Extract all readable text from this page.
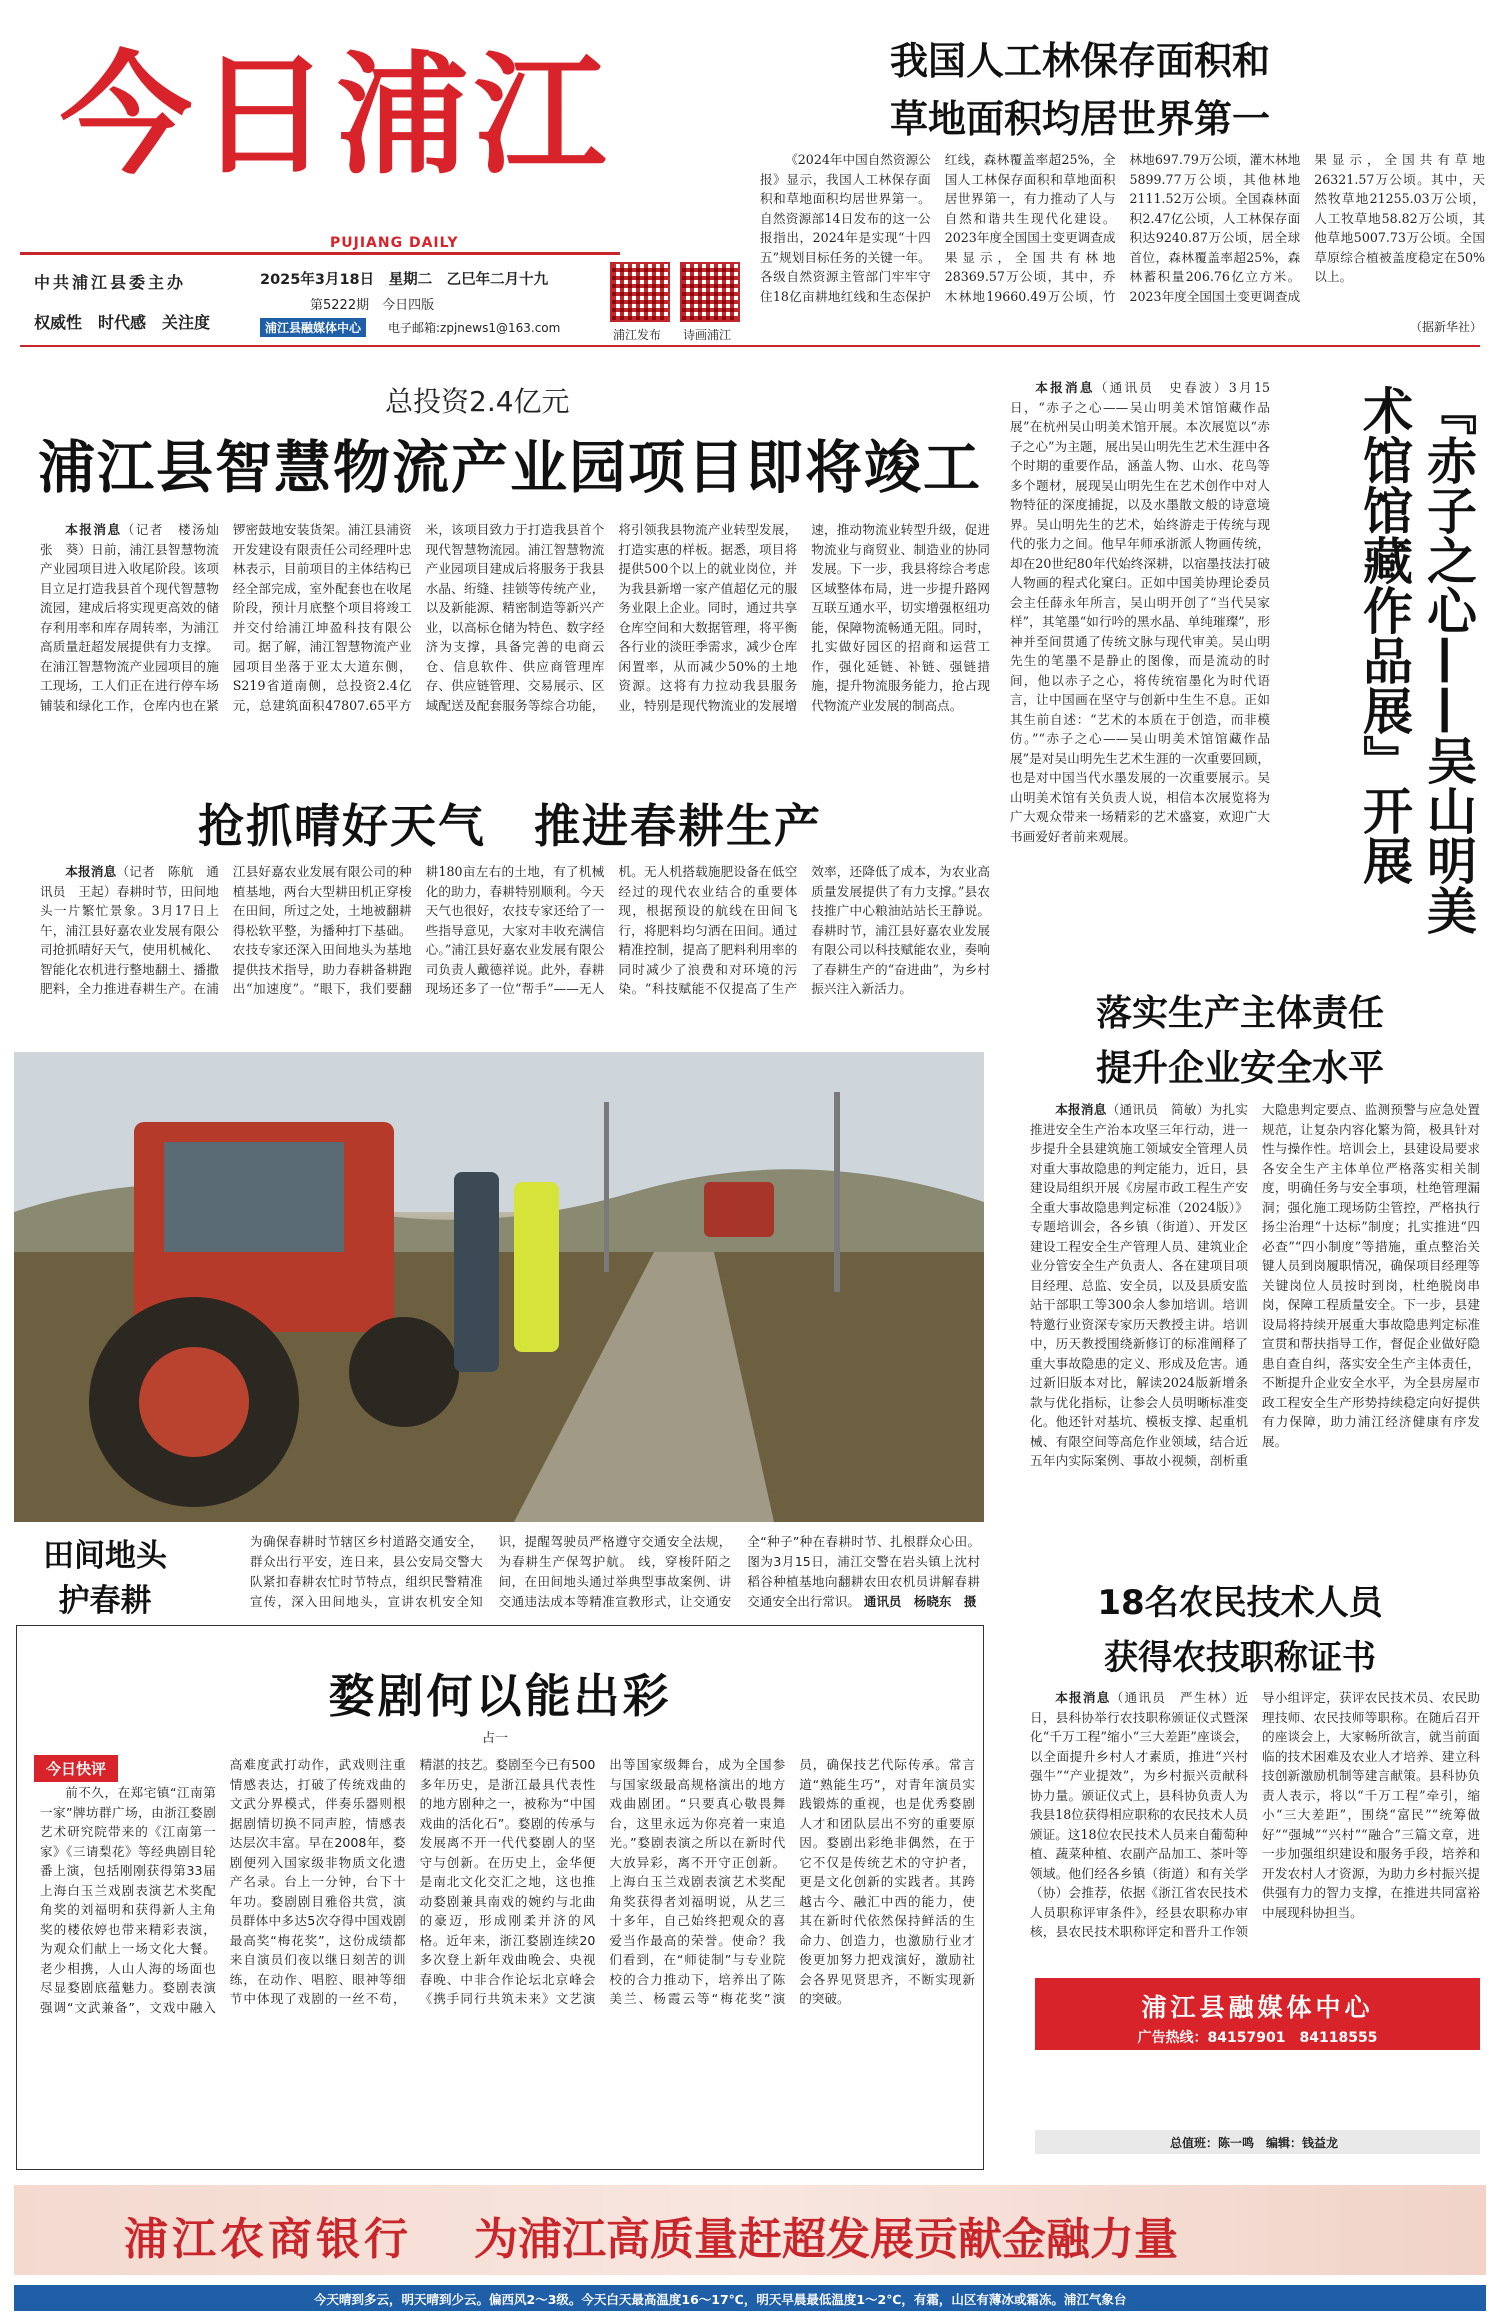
今日浦江
PUJIANG DAILY
中共浦江县委主办
权威性　时代感　关注度
2025年3月18日　星期二　乙巳年二月十九
第5222期　今日四版
浦江县融媒体中心	电子邮箱:zpjnews1@163.com	浦江发布 诗画浦江
我国人工林保存面积和
草地面积均居世界第一

《2024年中国自然资源公报》显示，我国人工林保存面积和草地面积均居世界第一。自然资源部14日发布的这一公报指出，2024年是实现“十四五”规划目标任务的关键一年。各级自然资源主管部门牢牢守住18亿亩耕地红线和生态保护红线，森林覆盖率超25%，全国人工林保存面积和草地面积居世界第一，有力推动了人与自然和谐共生现代化建设。2023年度全国国土变更调查成果显示，全国共有林地28369.57万公顷，其中，乔木林地19660.49万公顷，竹林地697.79万公顷，灌木林地5899.77万公顷，其他林地2111.52万公顷。全国森林面积2.47亿公顷，人工林保存面积达9240.87万公顷，居全球首位，森林覆盖率超25%，森林蓄积量206.76亿立方米。2023年度全国国土变更调查成果显示，全国共有草地26321.57万公顷。其中，天然牧草地21255.03万公顷，人工牧草地58.82万公顷，其他草地5007.73万公顷。全国草原综合植被盖度稳定在50%以上。

（据新华社）
总投资2.4亿元
浦江县智慧物流产业园项目即将竣工

本报消息（记者　楼汤灿　张　葵）日前，浦江县智慧物流产业园项目进入收尾阶段。该项目立足打造我县首个现代智慧物流园，建成后将实现更高效的储存利用率和库存周转率，为浦江高质量赶超发展提供有力支撑。在浦江智慧物流产业园项目的施工现场，工人们正在进行停车场铺装和绿化工作，仓库内也在紧锣密鼓地安装货架。浦江县浦资开发建设有限责任公司经理叶忠林表示，目前项目的主体结构已经全部完成，室外配套也在收尾阶段，预计月底整个项目将竣工并交付给浦江坤盈科技有限公司。据了解，浦江智慧物流产业园项目坐落于亚太大道东侧，S219省道南侧，总投资2.4亿元，总建筑面积47807.65平方米，该项目致力于打造我县首个现代智慧物流园。浦江智慧物流产业园项目建成后将服务于我县水晶、绗缝、挂锁等传统产业，以及新能源、精密制造等新兴产业，以高标仓储为特色、数字经济为支撑，具备完善的电商云仓、信息软件、供应商管理库存、供应链管理、交易展示、区域配送及配套服务等综合功能，将引领我县物流产业转型发展，打造实惠的样板。据悉，项目将提供500个以上的就业岗位，并为我县新增一家产值超亿元的服务业限上企业。同时，通过共享仓库空间和大数据管理，将平衡各行业的淡旺季需求，减少仓库闲置率，从而减少50%的土地资源。这将有力拉动我县服务业，特别是现代物流业的发展增速，推动物流业转型升级，促进物流业与商贸业、制造业的协同发展。下一步，我县将综合考虑区域整体布局，进一步提升路网互联互通水平，切实增强枢纽功能，保障物流畅通无阻。同时，扎实做好园区的招商和运营工作，强化延链、补链、强链措施，提升物流服务能力，抢占现代物流产业发展的制高点。

抢抓晴好天气　推进春耕生产

本报消息（记者　陈航　通讯员　王起）春耕时节，田间地头一片繁忙景象。3月17日上午，浦江县好嘉农业发展有限公司抢抓晴好天气，使用机械化、智能化农机进行整地翻土、播撒肥料，全力推进春耕生产。在浦江县好嘉农业发展有限公司的种植基地，两台大型耕田机正穿梭在田间，所过之处，土地被翻耕得松软平整，为播种打下基础。农技专家还深入田间地头为基地提供技术指导，助力春耕备耕跑出“加速度”。“眼下，我们要翻耕180亩左右的土地，有了机械化的助力，春耕特别顺利。今天天气也很好，农技专家还给了一些指导意见，大家对丰收充满信心。”浦江县好嘉农业发展有限公司负责人戴德祥说。此外，春耕现场还多了一位“帮手”——无人机。无人机搭载施肥设备在低空经过的现代农业结合的重要体现，根据预设的航线在田间飞行，将肥料均匀洒在田间。通过精准控制，提高了肥料利用率的同时减少了浪费和对环境的污染。“科技赋能不仅提高了生产效率，还降低了成本，为农业高质量发展提供了有力支撑。”县农技推广中心粮油站站长王静说。春耕时节，浦江县好嘉农业发展有限公司以科技赋能农业，奏响了春耕生产的“奋进曲”，为乡村振兴注入新活力。

田间地头
护春耕
为确保春耕时节辖区乡村道路交通安全，群众出行平安，连日来，县公安局交警大队紧扣春耕农忙时节特点，组织民警精准宣传，深入田间地头，宣讲农机安全知识，提醒驾驶员严格遵守交通安全法规，为春耕生产保驾护航。 线，穿梭阡陌之间，在田间地头通过举典型事故案例、讲交通违法成本等精准宣教形式，让交通安全“种子”种在春耕时节、扎根群众心田。 图为3月15日，浦江交警在岩头镇上沈村稻谷种植基地向翻耕农田农机员讲解春耕交通安全出行常识。 通讯员　杨晓东　摄
婺剧何以能出彩
占一
今日快评

前不久，在郑宅镇“江南第一家”牌坊群广场，由浙江婺剧艺术研究院带来的《江南第一家》《三请梨花》等经典剧目轮番上演，包括刚刚获得第33届上海白玉兰戏剧表演艺术奖配角奖的刘福明和获得新人主角奖的楼依婷也带来精彩表演，为观众们献上一场文化大餐。老少相携，人山人海的场面也尽显婺剧底蕴魅力。婺剧表演强调“文武兼备”，文戏中融入高难度武打动作，武戏则注重情感表达，打破了传统戏曲的文武分界模式，伴奏乐器则根据剧情切换不同声腔，情感表达层次丰富。早在2008年，婺剧便列入国家级非物质文化遗产名录。台上一分钟，台下十年功。婺剧剧目雅俗共赏，演员群体中多达5次夺得中国戏剧最高奖“梅花奖”，这份成绩都来自演员们夜以继日刻苦的训练，在动作、唱腔、眼神等细节中体现了戏剧的一丝不苟，精湛的技艺。婺剧至今已有500多年历史，是浙江最具代表性的地方剧种之一，被称为“中国戏曲的活化石”。婺剧的传承与发展离不开一代代婺剧人的坚守与创新。在历史上，金华便是南北文化交汇之地，这也推动婺剧兼具南戏的婉约与北曲的豪迈，形成刚柔并济的风格。近年来，浙江婺剧连续20多次登上新年戏曲晚会、央视春晚、中非合作论坛北京峰会《携手同行共筑未来》文艺演出等国家级舞台，成为全国参与国家级最高规格演出的地方戏曲剧团。“只要真心敬畏舞台，这里永远为你亮着一束追光。”婺剧表演之所以在新时代大放异彩，离不开守正创新。上海白玉兰戏剧表演艺术奖配角奖获得者刘福明说，从艺三十多年，自己始终把观众的喜爱当作最高的荣誉。使命？我们看到，在“师徒制”与专业院校的合力推动下，培养出了陈美兰、杨霞云等“梅花奖”演员，确保技艺代际传承。常言道“熟能生巧”，对青年演员实践锻炼的重视，也是优秀婺剧人才和团队层出不穷的重要原因。婺剧出彩绝非偶然，在于它不仅是传统艺术的守护者，更是文化创新的实践者。其跨越古今、融汇中西的能力，使其在新时代依然保持鲜活的生命力、创造力，也激励行业才俊更加努力把戏演好，激励社会各界见贤思齐，不断实现新的突破。

本报消息（通讯员　史春波）3月15日，“赤子之心——吴山明美术馆馆藏作品展”在杭州吴山明美术馆开展。本次展览以“赤子之心”为主题，展出吴山明先生艺术生涯中各个时期的重要作品，涵盖人物、山水、花鸟等多个题材，展现吴山明先生在艺术创作中对人物特征的深度捕捉，以及水墨散文般的诗意境界。吴山明先生的艺术，始终游走于传统与现代的张力之间。他早年师承浙派人物画传统，却在20世纪80年代始终深耕，以宿墨技法打破人物画的程式化窠臼。正如中国美协理论委员会主任薛永年所言，吴山明开创了“当代吴家样”，其笔墨“如行吟的黑水晶、单纯璀璨”，形神并至间贯通了传统文脉与现代审美。吴山明先生的笔墨不是静止的图像，而是流动的时间，他以赤子之心，将传统宿墨化为时代语言，让中国画在坚守与创新中生生不息。正如其生前自述：“艺术的本质在于创造，而非模仿。”“赤子之心——吴山明美术馆馆藏作品展”是对吴山明先生艺术生涯的一次重要回顾，也是对中国当代水墨发展的一次重要展示。吴山明美术馆有关负责人说，相信本次展览将为广大观众带来一场精彩的艺术盛宴，欢迎广大书画爱好者前来观展。	『赤子之心——吴山明美术馆馆藏作品展』开展
落实生产主体责任
提升企业安全水平

本报消息（通讯员　简敏）为扎实推进安全生产治本攻坚三年行动，进一步提升全县建筑施工领域安全管理人员对重大事故隐患的判定能力，近日，县建设局组织开展《房屋市政工程生产安全重大事故隐患判定标准（2024版）》专题培训会，各乡镇（街道）、开发区建设工程安全生产管理人员、建筑业企业分管安全生产负责人、各在建项目项目经理、总监、安全员，以及县质安监站干部职工等300余人参加培训。培训特邀行业资深专家历天教授主讲。培训中，历天教授围绕新修订的标准阐释了重大事故隐患的定义、形成及危害。通过新旧版本对比，解读2024版新增条款与优化指标，让参会人员明晰标准变化。他还针对基坑、模板支撑、起重机械、有限空间等高危作业领域，结合近五年内实际案例、事故小视频，剖析重大隐患判定要点、监测预警与应急处置规范，让复杂内容化繁为简，极具针对性与操作性。培训会上，县建设局要求各安全生产主体单位严格落实相关制度，明确任务与安全事项，杜绝管理漏洞；强化施工现场防尘管控，严格执行扬尘治理“十达标”制度；扎实推进“四必查”“四小制度”等措施，重点整治关键人员到岗履职情况，确保项目经理等关键岗位人员按时到岗，杜绝脱岗串岗，保障工程质量安全。下一步，县建设局将持续开展重大事故隐患判定标准宣贯和帮扶指导工作，督促企业做好隐患自查自纠，落实安全生产主体责任，不断提升企业安全水平，为全县房屋市政工程安全生产形势持续稳定向好提供有力保障，助力浦江经济健康有序发展。

18名农民技术人员
获得农技职称证书

本报消息（通讯员　严生林）近日，县科协举行农技职称颁证仪式暨深化“千万工程”缩小“三大差距”座谈会，以全面提升乡村人才素质，推进“兴村强牛”“产业提效”，为乡村振兴贡献科协力量。颁证仪式上，县科协负责人为我县18位获得相应职称的农民技术人员颁证。这18位农民技术人员来自葡萄种植、蔬菜种植、农副产品加工、茶叶等领域。他们经各乡镇（街道）和有关学（协）会推荐，依据《浙江省农民技术人员职称评审条件》，经县农职称办审核，县农民技术职称评定和晋升工作领导小组评定，获评农民技术员、农民助理技师、农民技师等职称。在随后召开的座谈会上，大家畅所欲言，就当前面临的技术困难及农业人才培养、建立科技创新激励机制等建言献策。县科协负责人表示，将以“千万工程”牵引，缩小“三大差距”，围绕“富民”“统筹做好”“强城”“兴村”“融合”三篇文章，进一步加强组织建设和服务手段，培养和开发农村人才资源，为助力乡村振兴提供强有力的智力支撑，在推进共同富裕中展现科协担当。

浦江县融媒体中心
广告热线：84157901　84118555
总值班：陈一鸣　编辑：钱益龙
浦江农商银行 为浦江高质量赶超发展贡献金融力量
今天晴到多云，明天晴到少云。偏西风2～3级。今天白天最高温度16～17℃，明天早晨最低温度1～2℃，有霜，山区有薄冰或霜冻。浦江气象台
